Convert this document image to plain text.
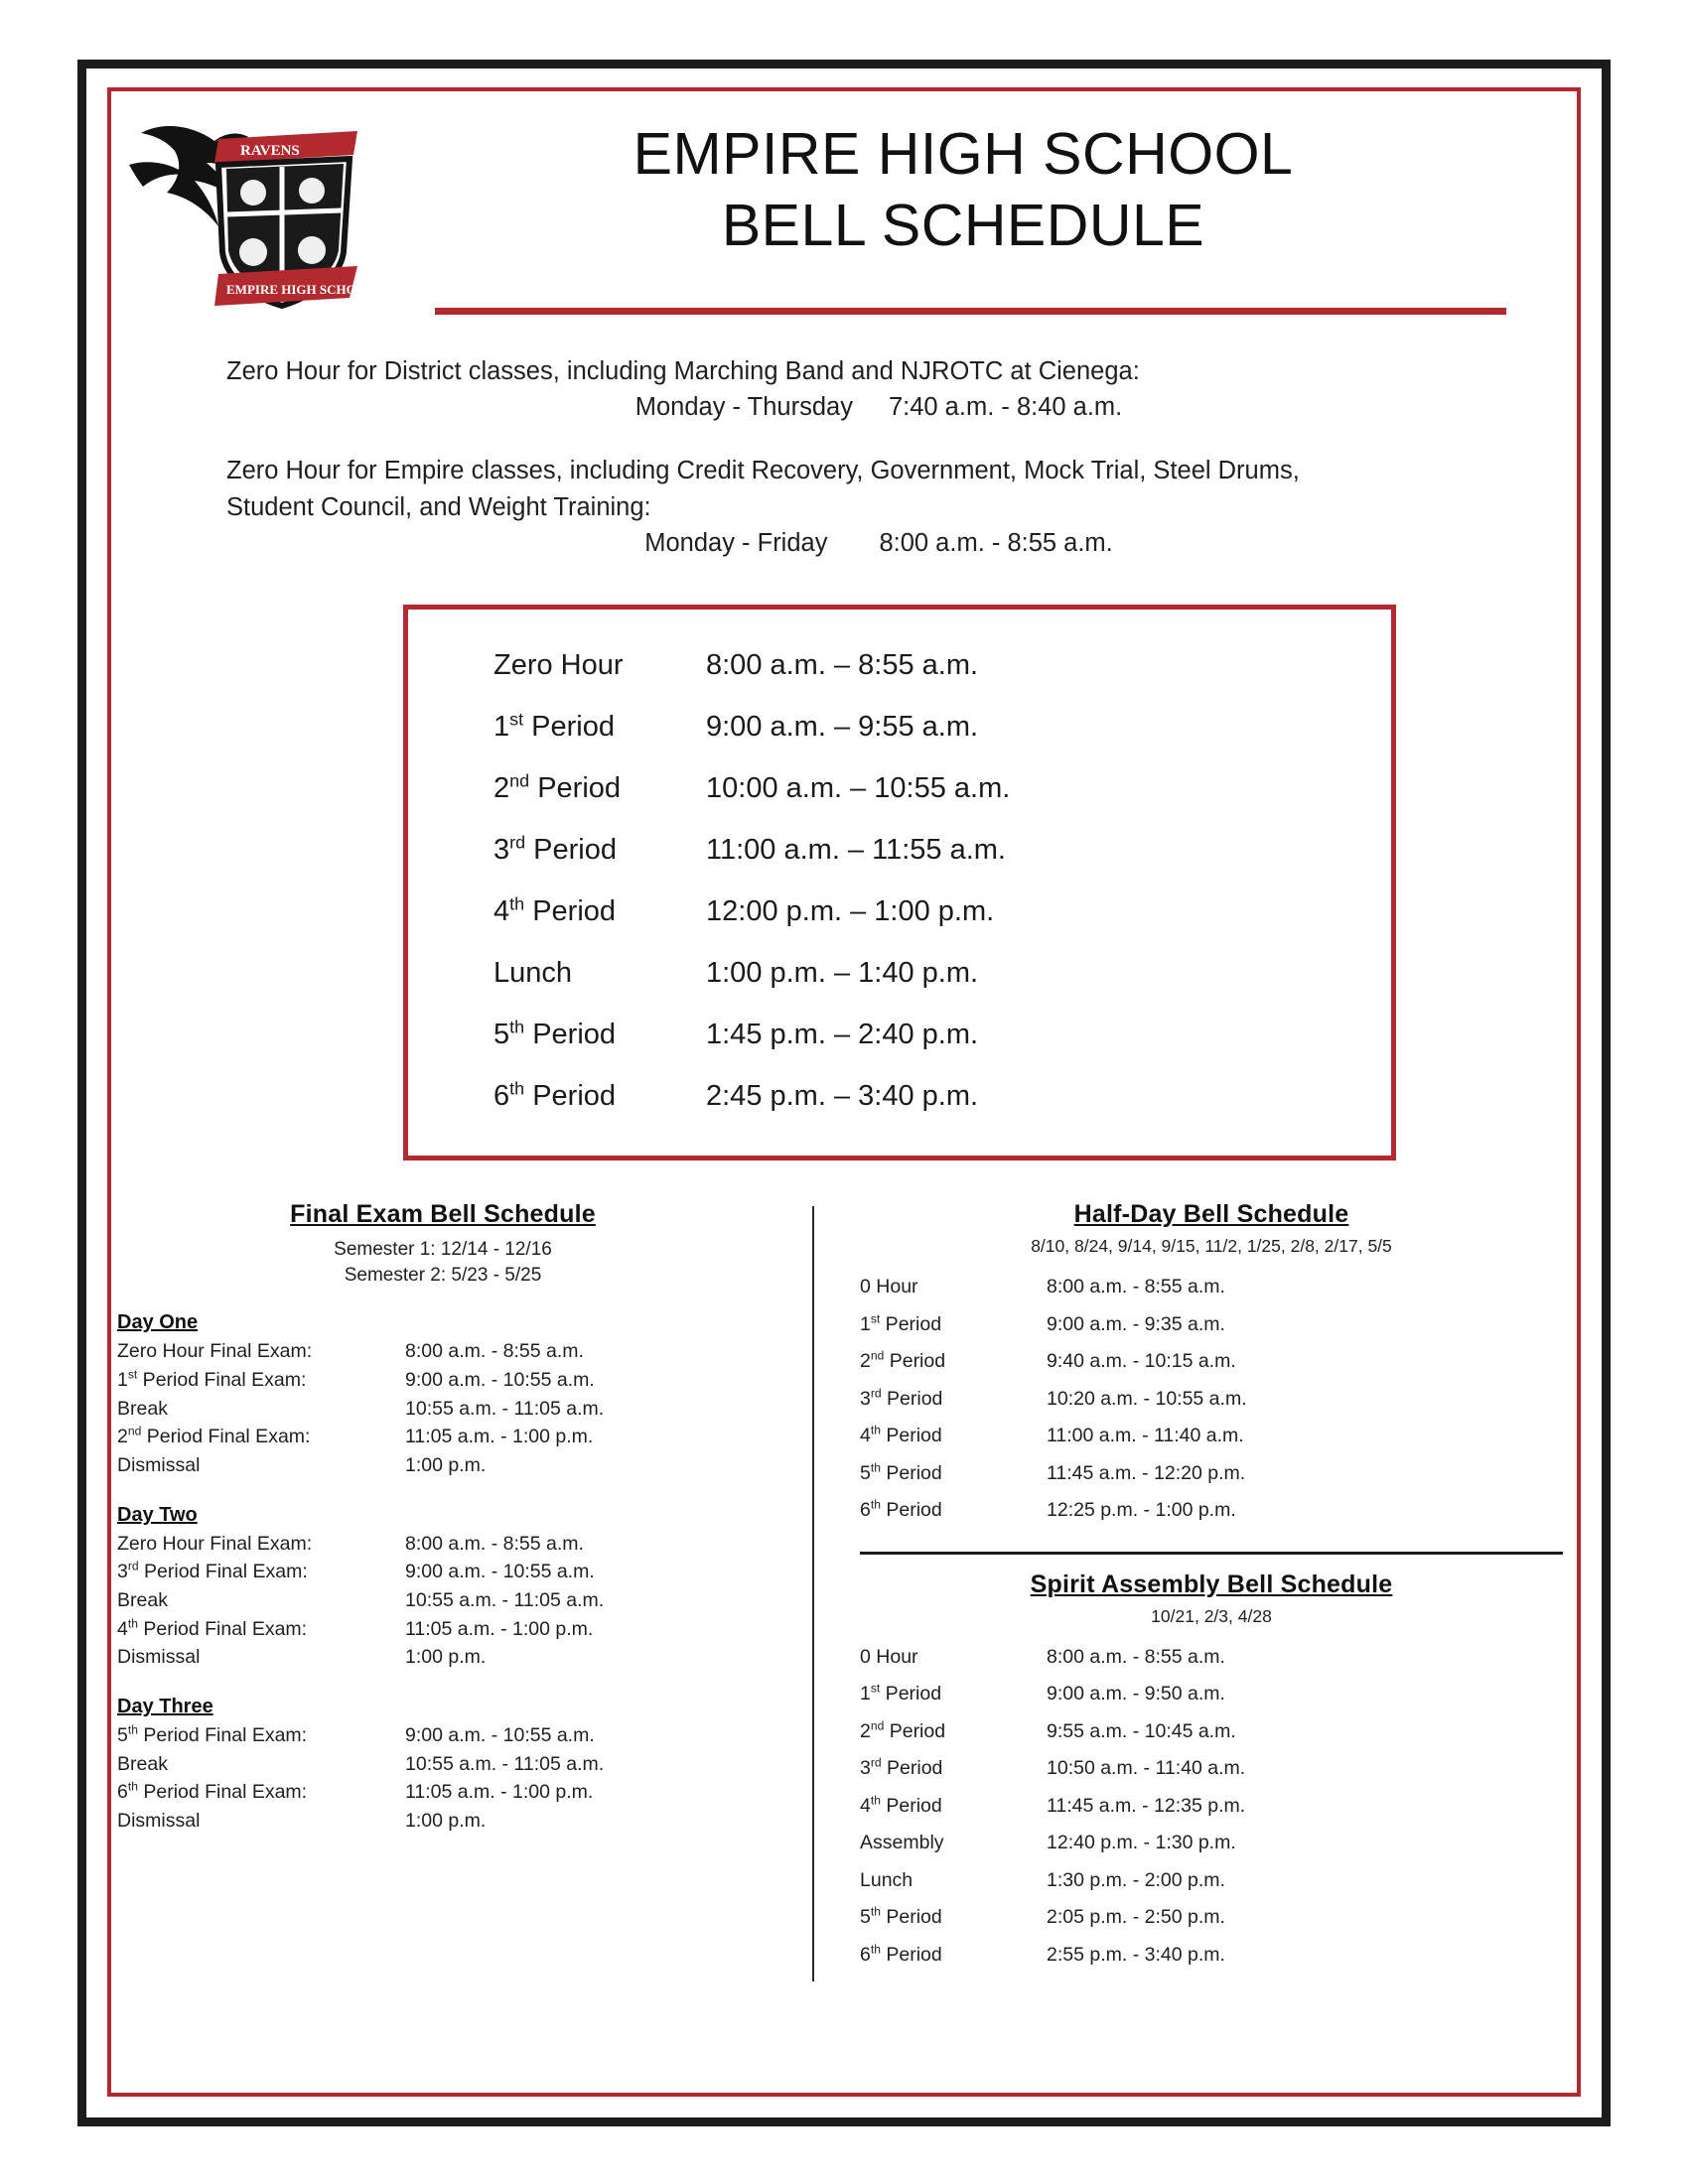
RAVENS
EMPIRE HIGH SCHOOL
EMPIRE HIGH SCHOOL
BELL SCHEDULE

Zero Hour for District classes, including Marching Band and NJROTC at Cienega:

Monday - Thursday 7:40 a.m. - 8:40 a.m.

Zero Hour for Empire classes, including Credit Recovery, Government, Mock Trial, Steel Drums,

Student Council, and Weight Training:

Monday - Friday 8:00 a.m. - 8:55 a.m.

Zero Hour	8:00 a.m. – 8:55 a.m.
1st Period	9:00 a.m. – 9:55 a.m.
2nd Period	10:00 a.m. – 10:55 a.m.
3rd Period	11:00 a.m. – 11:55 a.m.
4th Period	12:00 p.m. – 1:00 p.m.
Lunch	1:00 p.m. – 1:40 p.m.
5th Period	1:45 p.m. – 2:40 p.m.
6th Period	2:45 p.m. – 3:40 p.m.
Final Exam Bell Schedule
Semester 1: 12/14 - 12/16
Semester 2: 5/23 - 5/25
Day One
Zero Hour Final Exam:	8:00 a.m. - 8:55 a.m.
1st Period Final Exam:	9:00 a.m. - 10:55 a.m.
Break	10:55 a.m. - 11:05 a.m.
2nd Period Final Exam:	11:05 a.m. - 1:00 p.m.
Dismissal	1:00 p.m.
Day Two
Zero Hour Final Exam:	8:00 a.m. - 8:55 a.m.
3rd Period Final Exam:	9:00 a.m. - 10:55 a.m.
Break	10:55 a.m. - 11:05 a.m.
4th Period Final Exam:	11:05 a.m. - 1:00 p.m.
Dismissal	1:00 p.m.
Day Three
5th Period Final Exam:	9:00 a.m. - 10:55 a.m.
Break	10:55 a.m. - 11:05 a.m.
6th Period Final Exam:	11:05 a.m. - 1:00 p.m.
Dismissal	1:00 p.m.
Half-Day Bell Schedule
8/10, 8/24, 9/14, 9/15, 11/2, 1/25, 2/8, 2/17, 5/5
0 Hour	8:00 a.m. - 8:55 a.m.
1st Period	9:00 a.m. - 9:35 a.m.
2nd Period	9:40 a.m. - 10:15 a.m.
3rd Period	10:20 a.m. - 10:55 a.m.
4th Period	11:00 a.m. - 11:40 a.m.
5th Period	11:45 a.m. - 12:20 p.m.
6th Period	12:25 p.m. - 1:00 p.m.
Spirit Assembly Bell Schedule
10/21, 2/3, 4/28
0 Hour	8:00 a.m. - 8:55 a.m.
1st Period	9:00 a.m. - 9:50 a.m.
2nd Period	9:55 a.m. - 10:45 a.m.
3rd Period	10:50 a.m. - 11:40 a.m.
4th Period	11:45 a.m. - 12:35 p.m.
Assembly	12:40 p.m. - 1:30 p.m.
Lunch	1:30 p.m. - 2:00 p.m.
5th Period	2:05 p.m. - 2:50 p.m.
6th Period	2:55 p.m. - 3:40 p.m.
